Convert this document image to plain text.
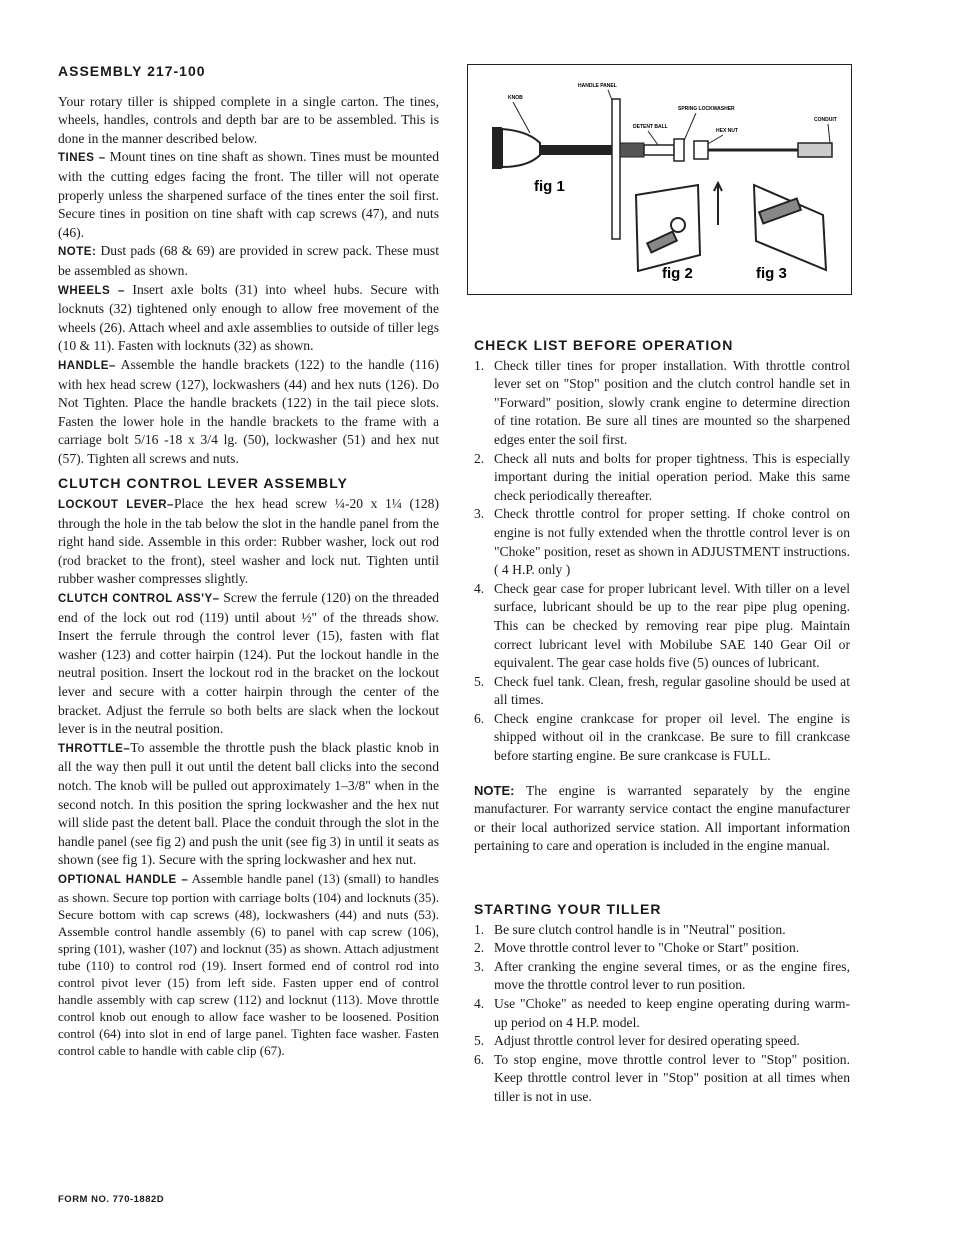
ASSEMBLY 217-100

Your rotary tiller is shipped complete in a single carton. The tines, wheels, handles, controls and depth bar are to be assembled. This is done in the manner described below.

TINES – Mount tines on tine shaft as shown. Tines must be mounted with the cutting edges facing the front. The tiller will not operate properly unless the sharpened surface of the tines enter the soil first. Secure tines in position on tine shaft with cap screws (47), and nuts (46).

NOTE: Dust pads (68 & 69) are provided in screw pack. These must be assembled as shown.

WHEELS – Insert axle bolts (31) into wheel hubs. Secure with locknuts (32) tightened only enough to allow free movement of the wheels (26). Attach wheel and axle assemblies to outside of tiller legs (10 & 11). Fasten with locknuts (32) as shown.

HANDLE– Assemble the handle brackets (122) to the handle (116) with hex head screw (127), lockwashers (44) and hex nuts (126). Do Not Tighten. Place the handle brackets (122) in the tail piece slots. Fasten the lower hole in the handle brackets to the frame with a carriage bolt 5/16 -18 x 3/4 lg. (50), lockwasher (51) and hex nut (57). Tighten all screws and nuts.

CLUTCH CONTROL LEVER ASSEMBLY

LOCKOUT LEVER–Place the hex head screw ¼-20 x 1¼ (128) through the hole in the tab below the slot in the handle panel from the right hand side. Assemble in this order: Rubber washer, lock out rod (rod bracket to the front), steel washer and lock nut. Tighten until rubber washer compresses slightly.

CLUTCH CONTROL ASS'Y– Screw the ferrule (120) on the threaded end of the lock out rod (119) until about ½" of the threads show. Insert the ferrule through the control lever (15), fasten with flat washer (123) and cotter hairpin (124). Put the lockout handle in the neutral position. Insert the lockout rod in the bracket on the lockout lever and secure with a cotter hairpin through the center of the bracket. Adjust the ferrule so both belts are slack when the lockout lever is in the neutral position.

THROTTLE–To assemble the throttle push the black plastic knob in all the way then pull it out until the detent ball clicks into the second notch. The knob will be pulled out approximately 1–3/8" when in the second notch. In this position the spring lockwasher and the hex nut will slide past the detent ball. Place the conduit through the slot in the handle panel (see fig 2) and push the unit (see fig 3) in until it seats as shown (see fig 1). Secure with the spring lockwasher and hex nut.

OPTIONAL HANDLE – Assemble handle panel (13) (small) to handles as shown. Secure top portion with carriage bolts (104) and locknuts (35). Secure bottom with cap screws (48), lockwashers (44) and nuts (53). Assemble control handle assembly (6) to panel with cap screw (106), spring (101), washer (107) and locknut (35) as shown. Attach adjustment tube (110) to control rod (19). Insert formed end of control rod into control pivot lever (15) from left side. Fasten upper end of control handle assembly with cap screw (112) and locknut (113). Move throttle control knob out enough to allow face washer to be loosened. Position control (64) into slot in end of large panel. Tighten face washer. Fasten control cable to handle with cable clip (67).

HANDLE PANEL
KNOB
SPRING LOCKWASHER
DETENT BALL
HEX NUT
CONDUIT
fig 1
fig 2	fig 3
CHECK LIST BEFORE OPERATION
1. Check tiller tines for proper installation. With throttle control lever set on "Stop" position and the clutch control handle set in "Forward" position, slowly crank engine to determine direction of tine rotation. Be sure all tines are mounted so the sharpened edges enter the soil first.
2. Check all nuts and bolts for proper tightness. This is especially important during the initial operation period. Make this same check periodically thereafter.
3. Check throttle control for proper setting. If choke control on engine is not fully extended when the throttle control lever is on "Choke" position, reset as shown in ADJUSTMENT instructions. ( 4 H.P. only )
4. Check gear case for proper lubricant level. With tiller on a level surface, lubricant should be up to the rear pipe plug opening. This can be checked by removing rear pipe plug. Maintain correct lubricant level with Mobilube SAE 140 Gear Oil or equivalent. The gear case holds five (5) ounces of lubricant.
5. Check fuel tank. Clean, fresh, regular gasoline should be used at all times.
6. Check engine crankcase for proper oil level. The engine is shipped without oil in the crankcase. Be sure to fill crankcase before starting engine. Be sure crankcase is FULL.

NOTE: The engine is warranted separately by the engine manufacturer. For warranty service contact the engine manufacturer or their local authorized service station. All important information pertaining to care and operation is included in the engine manual.

STARTING YOUR TILLER
1. Be sure clutch control handle is in "Neutral" position.
2. Move throttle control lever to "Choke or Start" position.
3. After cranking the engine several times, or as the engine fires, move the throttle control lever to run position.
4. Use "Choke" as needed to keep engine operating during warm-up period on 4 H.P. model.
5. Adjust throttle control lever for desired operating speed.
6. To stop engine, move throttle control lever to "Stop" position. Keep throttle control lever in "Stop" position at all times when tiller is not in use.
FORM NO. 770-1882D
